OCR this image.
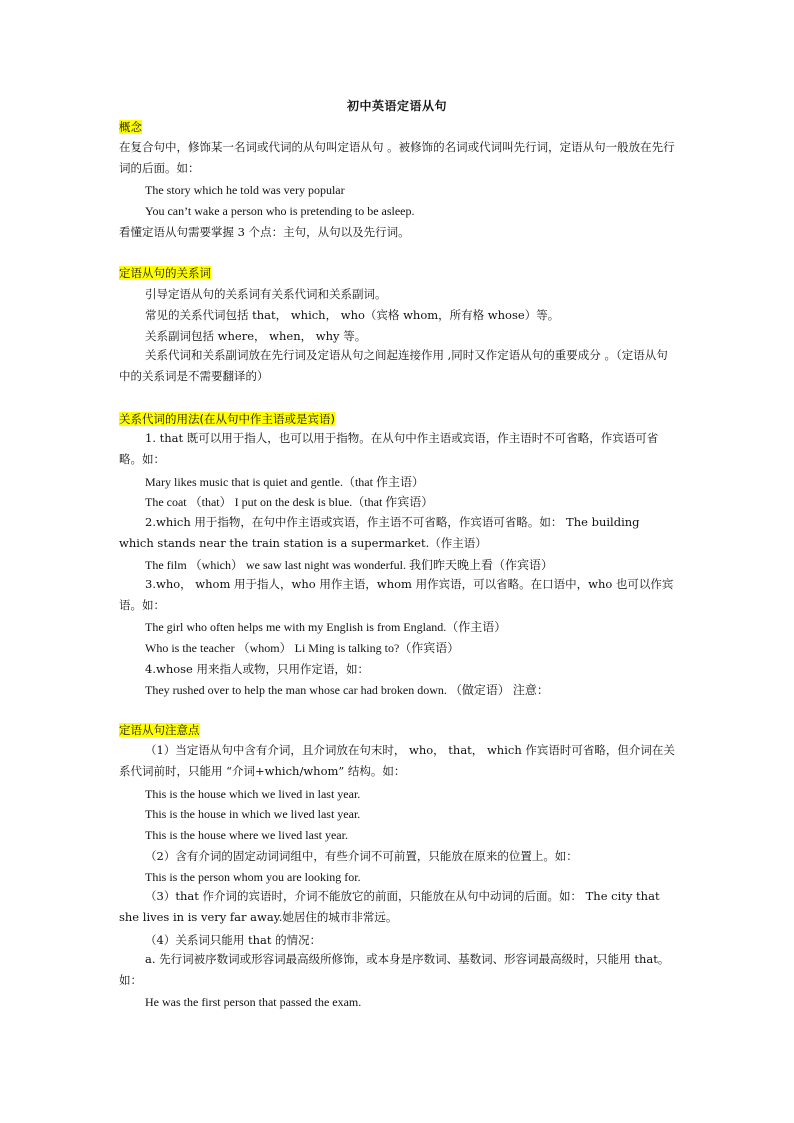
初中英语定语从句
概念
在复合句中，修饰某一名词或代词的从句叫定语从句 。被修饰的名词或代词叫先行词，定语从句一般放在先行词的后面。如：
The story which he told was very popular
You can’t wake a person who is pretending to be asleep.
看懂定语从句需要掌握 3 个点：主句，从句以及先行词。
定语从句的关系词
引导定语从句的关系词有关系代词和关系副词。
常见的关系代词包括 that， which， who（宾格 whom，所有格 whose）等。
关系副词包括 where， when， why 等。
关系代词和关系副词放在先行词及定语从句之间起连接作用 ,同时又作定语从句的重要成分 。（定语从句中的关系词是不需要翻译的）
关系代词的用法(在从句中作主语或是宾语)
1. that 既可以用于指人，也可以用于指物。在从句中作主语或宾语，作主语时不可省略，作宾语可省略。如：
Mary likes music that is quiet and gentle.（that 作主语）
The coat （that） I put on the desk is blue.（that 作宾语）
2.which 用于指物，在句中作主语或宾语，作主语不可省略，作宾语可省略。如： The building which stands near the train station is a supermarket.（作主语）
The film （which） we saw last night was wonderful. 我们昨天晚上看（作宾语）
3.who， whom 用于指人，who 用作主语，whom 用作宾语，可以省略。在口语中，who 也可以作宾语。如：
The girl who often helps me with my English is from England.（作主语）
Who is the teacher （whom） Li Ming is talking to?（作宾语）
4.whose 用来指人或物，只用作定语，如：
They rushed over to help the man whose car had broken down. （做定语） 注意：
定语从句注意点
（1）当定语从句中含有介词，且介词放在句末时， who， that， which 作宾语时可省略，但介词在关系代词前时，只能用 “介词+which/whom” 结构。如：
This is the house which we lived in last year.
This is the house in which we lived last year.
This is the house where we lived last year.
（2）含有介词的固定动词词组中，有些介词不可前置，只能放在原来的位置上。如：
This is the person whom you are looking for.
（3）that 作介词的宾语时，介词不能放它的前面，只能放在从句中动词的后面。如： The city that she lives in is very far away.她居住的城市非常远。
（4）关系词只能用 that 的情况：
a. 先行词被序数词或形容词最高级所修饰，或本身是序数词、基数词、形容词最高级时，只能用 that。如：
He was the first person that passed the exam.
